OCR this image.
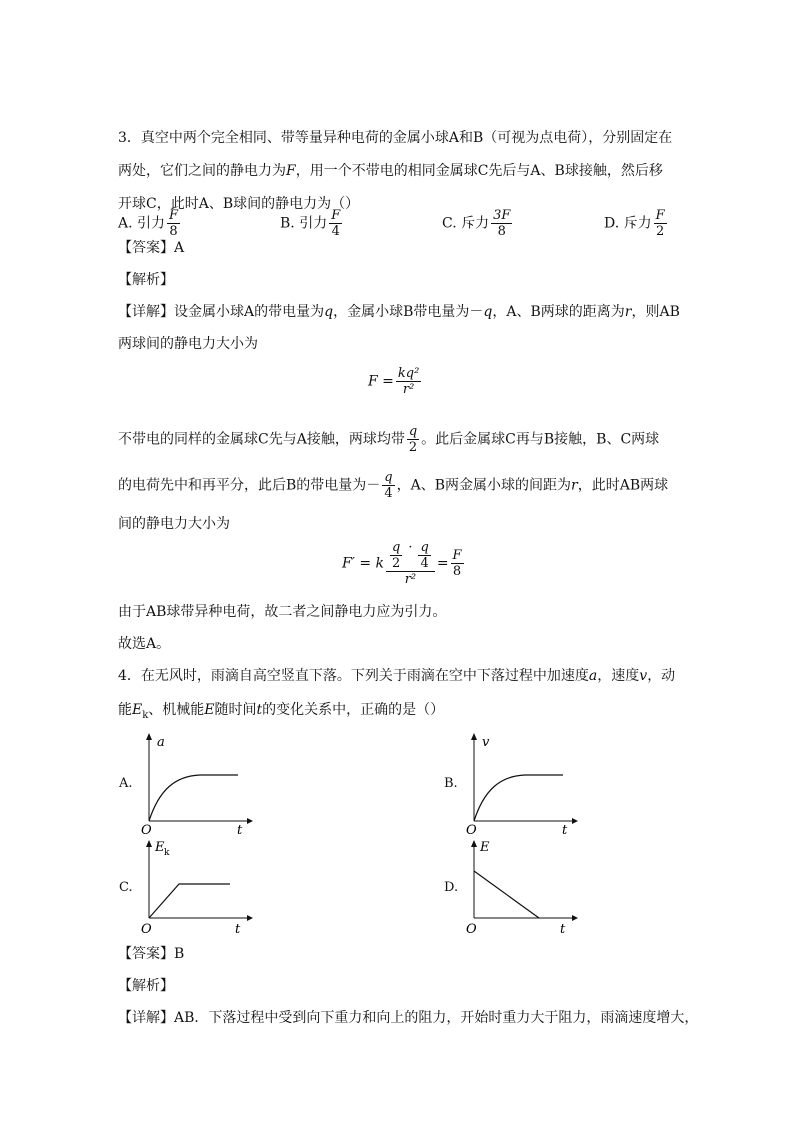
3．真空中两个完全相同、带等量异种电荷的金属小球A和B（可视为点电荷），分别固定在
两处，它们之间的静电力为F，用一个不带电的相同金属球C先后与A、B球接触，然后移
开球C，此时A、B球间的静电力为（）
A. 引力 $\frac{F}{8}$	B. 引力 $\frac{F}{4}$	C. 斥力 $\frac{3F}{8}$	D. 斥力 $\frac{F}{2}$
【答案】A
【解析】
【详解】设金属小球A的带电量为q，金属小球B带电量为－q，A、B两球的距离为r，则AB
两球间的静电力大小为
$F = \frac{\text{kq²}}{\text{r²}}$
不带电的同样的金属球C先与A接触，两球均带 $\frac{q}{2}$ 。此后金属球C再与B接触，B、C两球
的电荷先中和再平分，此后B的带电量为－ $\frac{q}{4}$ ，A、B两金属小球的间距为r，此时AB两球
间的静电力大小为
F′ = k $\frac{\frac{q}{2} \cdot \frac{q}{4}}{\text{r²}} = \frac{F}{8}$
由于AB球带异种电荷，故二者之间静电力应为引力。
故选A。
4．在无风时，雨滴自高空竖直下落。下列关于雨滴在空中下落过程中加速度a，速度v，动
能$E_k$、机械能E随时间t的变化关系中，正确的是（）
A.
a
O	t
B.
v
O	t
C.
E k
O	t
D.
E
O	t
【答案】B
【解析】
【详解】AB．下落过程中受到向下重力和向上的阻力，开始时重力大于阻力，雨滴速度增大，
